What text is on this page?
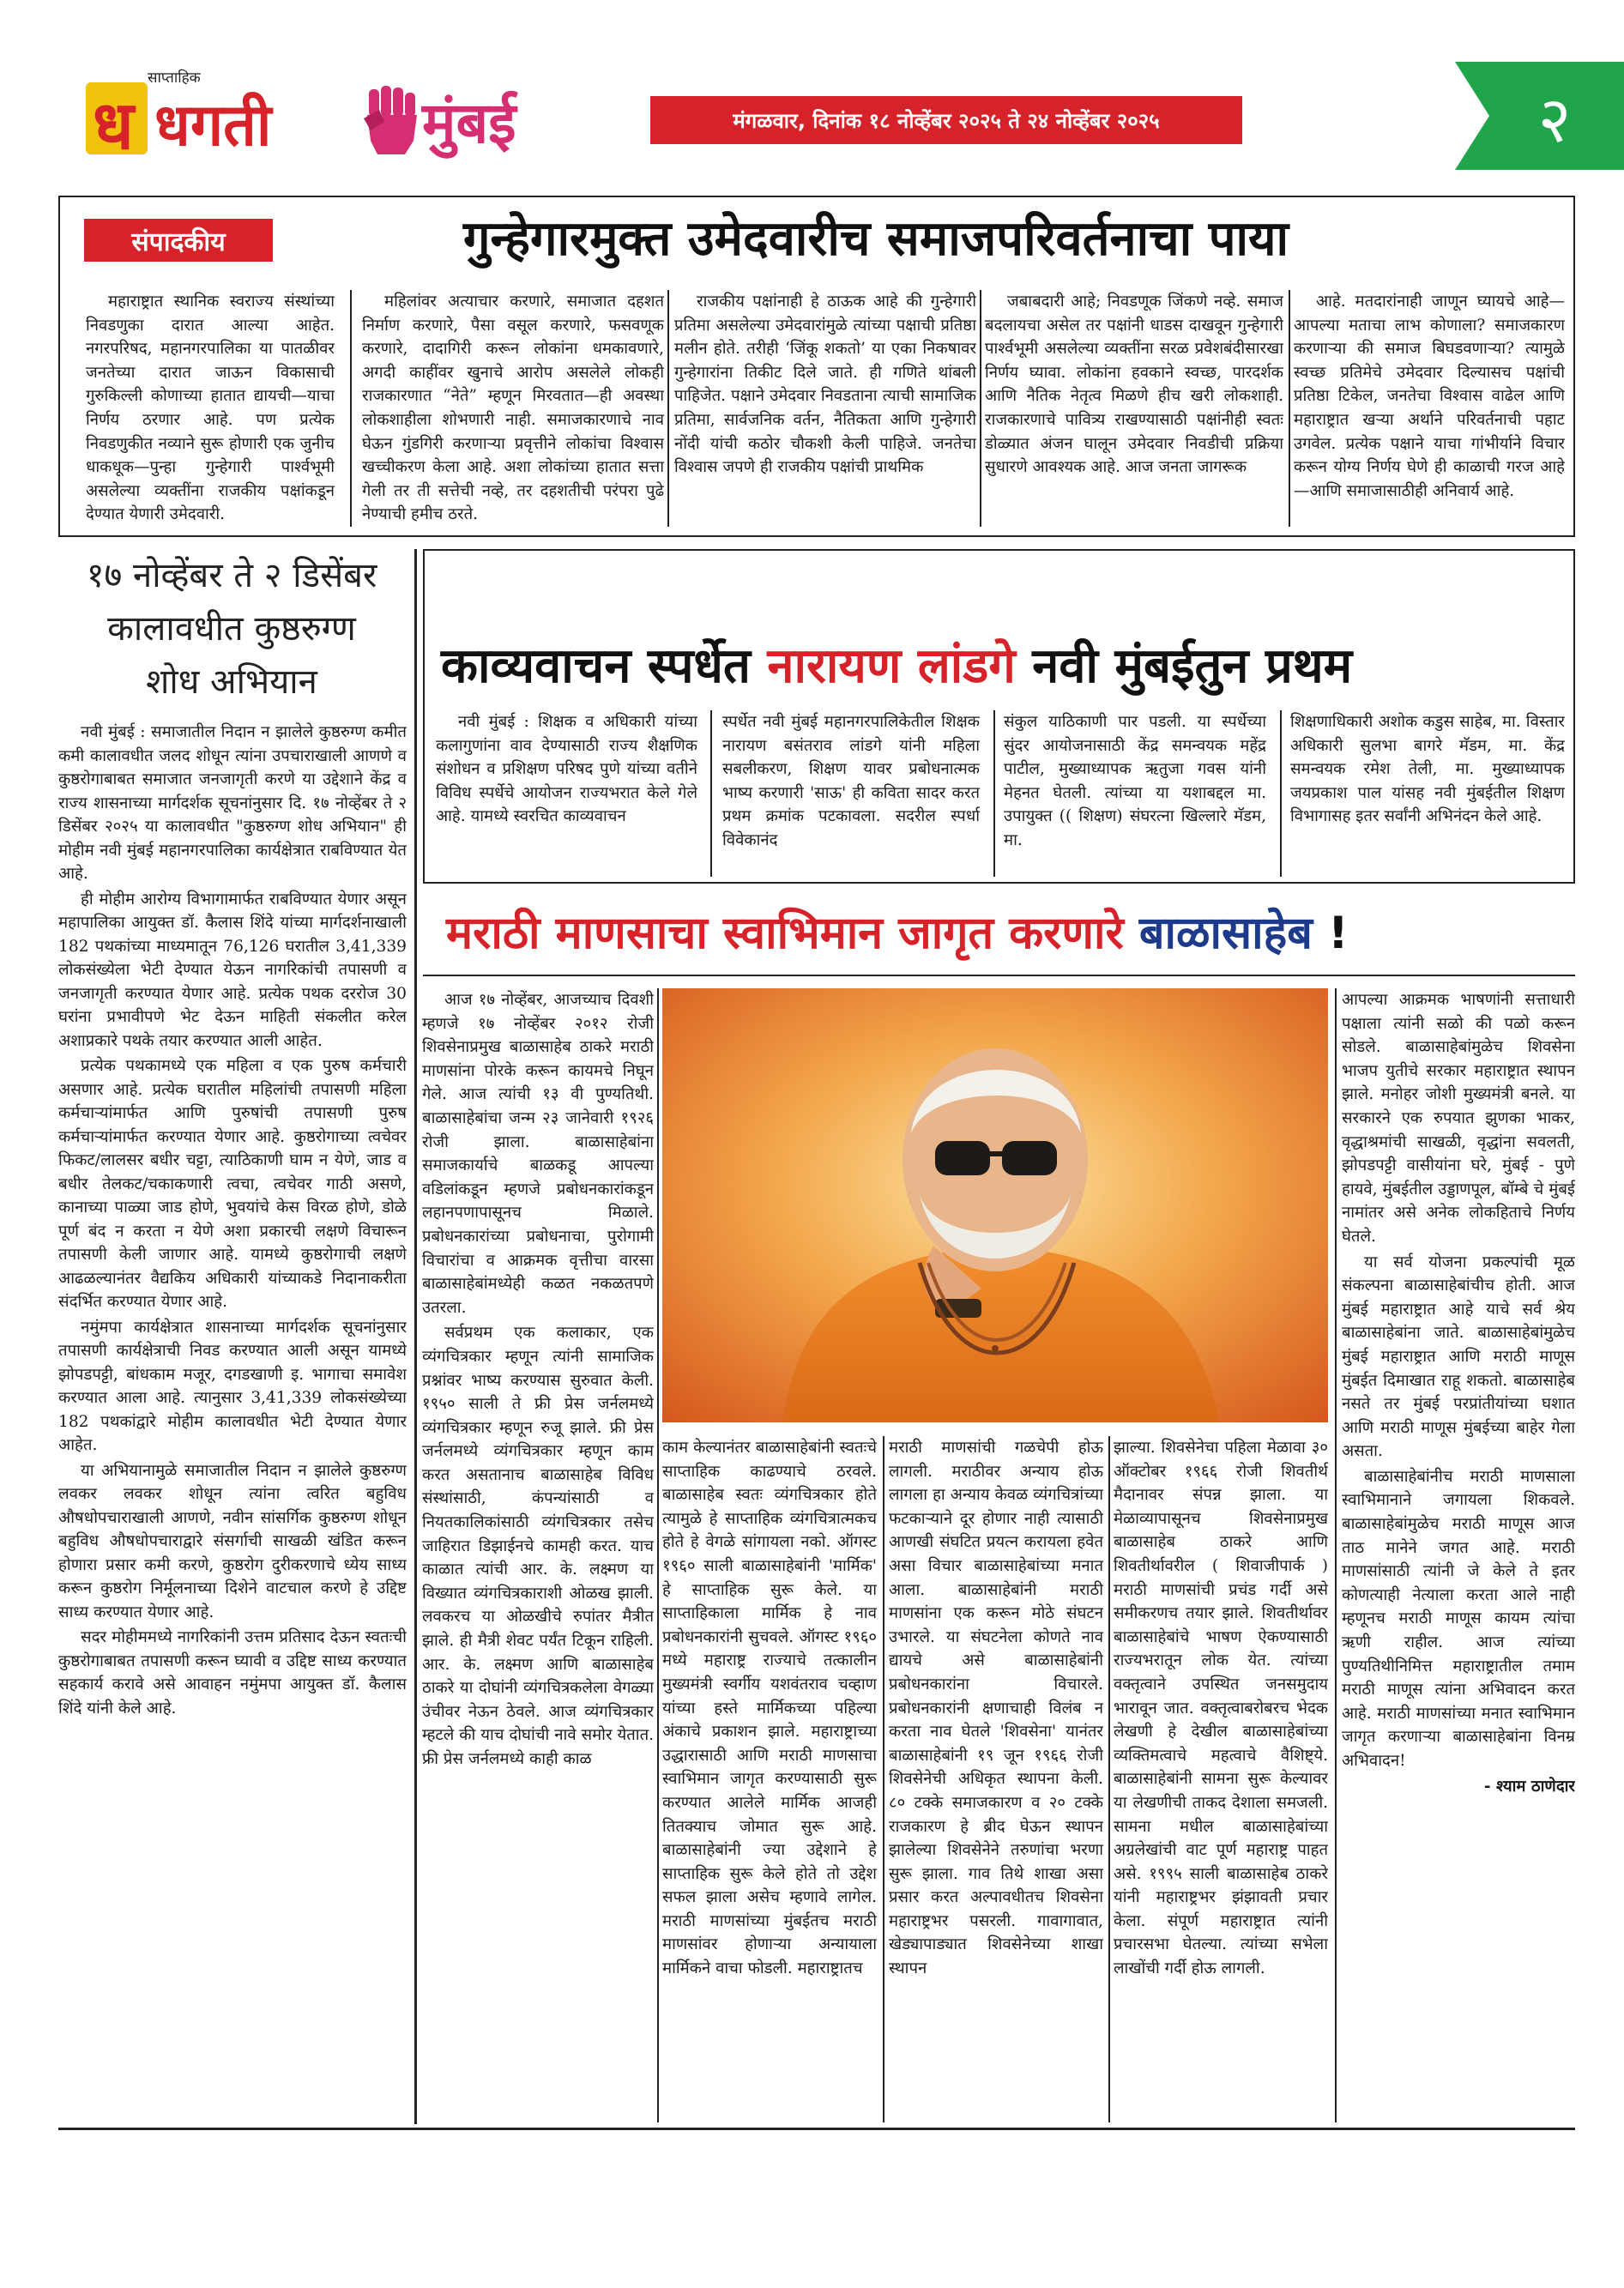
साप्ताहिक
ध धगती	मुंबई	मंगळवार, दिनांक १८ नोव्हेंबर २०२५ ते २४ नोव्हेंबर २०२५	२
संपादकीय	गुन्हेगारमुक्त उमेदवारीच समाजपरिवर्तनाचा पाया

महाराष्ट्रात स्थानिक स्वराज्य संस्थांच्या निवडणुका दारात आल्या आहेत. नगरपरिषद, महानगरपालिका या पातळीवर जनतेच्या दारात जाऊन विकासाची गुरुकिल्ली कोणाच्या हातात द्यायची—याचा निर्णय ठरणार आहे. पण प्रत्येक निवडणुकीत नव्याने सुरू होणारी एक जुनीच धाकधूक—पुन्हा गुन्हेगारी पार्श्वभूमी असलेल्या व्यक्तींना राजकीय पक्षांकडून देण्यात येणारी उमेदवारी.

महिलांवर अत्याचार करणारे, समाजात दहशत निर्माण करणारे, पैसा वसूल करणारे, फसवणूक करणारे, दादागिरी करून लोकांना धमकावणारे, अगदी काहींवर खुनाचे आरोप असलेले लोकही राजकारणात “नेते” म्हणून मिरवतात—ही अवस्था लोकशाहीला शोभणारी नाही. समाजकारणाचे नाव घेऊन गुंडगिरी करणाऱ्या प्रवृत्तीने लोकांचा विश्वास खच्चीकरण केला आहे. अशा लोकांच्या हातात सत्ता गेली तर ती सत्तेची नव्हे, तर दहशतीची परंपरा पुढे नेण्याची हमीच ठरते.

राजकीय पक्षांनाही हे ठाऊक आहे की गुन्हेगारी प्रतिमा असलेल्या उमेदवारांमुळे त्यांच्या पक्षाची प्रतिष्ठा मलीन होते. तरीही ‘जिंकू शकतो’ या एका निकषावर गुन्हेगारांना तिकीट दिले जाते. ही गणिते थांबली पाहिजेत. पक्षाने उमेदवार निवडताना त्याची सामाजिक प्रतिमा, सार्वजनिक वर्तन, नैतिकता आणि गुन्हेगारी नोंदी यांची कठोर चौकशी केली पाहिजे. जनतेचा विश्वास जपणे ही राजकीय पक्षांची प्राथमिक

जबाबदारी आहे; निवडणूक जिंकणे नव्हे. समाज बदलायचा असेल तर पक्षांनी धाडस दाखवून गुन्हेगारी पार्श्वभूमी असलेल्या व्यक्तींना सरळ प्रवेशबंदीसारखा निर्णय घ्यावा. लोकांना हवकाने स्वच्छ, पारदर्शक आणि नैतिक नेतृत्व मिळणे हीच खरी लोकशाही. राजकारणाचे पावित्र्य राखण्यासाठी पक्षांनीही स्वतः डोळ्यात अंजन घालून उमेदवार निवडीची प्रक्रिया सुधारणे आवश्यक आहे. आज जनता जागरूक

आहे. मतदारांनाही जाणून घ्यायचे आहे—आपल्या मताचा लाभ कोणाला? समाजकारण करणाऱ्या की समाज बिघडवणाऱ्या? त्यामुळे स्वच्छ प्रतिमेचे उमेदवार दिल्यासच पक्षांची प्रतिष्ठा टिकेल, जनतेचा विश्वास वाढेल आणि महाराष्ट्रात खऱ्या अर्थाने परिवर्तनाची पहाट उगवेल. प्रत्येक पक्षाने याचा गांभीर्याने विचार करून योग्य निर्णय घेणे ही काळाची गरज आहे—आणि समाजासाठीही अनिवार्य आहे.

१७ नोव्हेंबर ते २ डिसेंबर
कालावधीत कुष्ठरुग्ण
शोध अभियान

नवी मुंबई : समाजातील निदान न झालेले कुष्ठरुग्ण कमीत कमी कालावधीत जलद शोधून त्यांना उपचाराखाली आणणे व कुष्ठरोगाबाबत समाजात जनजागृती करणे या उद्देशाने केंद्र व राज्य शासनाच्या मार्गदर्शक सूचनांनुसार दि. १७ नोव्हेंबर ते २ डिसेंबर २०२५ या कालावधीत "कुष्ठरुग्ण शोध अभियान" ही मोहीम नवी मुंबई महानगरपालिका कार्यक्षेत्रात राबविण्यात येत आहे.

ही मोहीम आरोग्य विभागामार्फत राबविण्यात येणार असून महापालिका आयुक्त डॉ. कैलास शिंदे यांच्या मार्गदर्शनाखाली 182 पथकांच्या माध्यमातून 76,126 घरातील 3,41,339 लोकसंख्येला भेटी देण्यात येऊन नागरिकांची तपासणी व जनजागृती करण्यात येणार आहे. प्रत्येक पथक दररोज 30 घरांना प्रभावीपणे भेट देऊन माहिती संकलीत करेल अशाप्रकारे पथके तयार करण्यात आली आहेत.

प्रत्येक पथकामध्ये एक महिला व एक पुरुष कर्मचारी असणार आहे. प्रत्येक घरातील महिलांची तपासणी महिला कर्मचाऱ्यांमार्फत आणि पुरुषांची तपासणी पुरुष कर्मचाऱ्यांमार्फत करण्यात येणार आहे. कुष्ठरोगाच्या त्वचेवर फिकट/लालसर बधीर चट्टा, त्याठिकाणी घाम न येणे, जाड व बधीर तेलकट/चकाकणारी त्वचा, त्वचेवर गाठी असणे, कानाच्या पाळ्या जाड होणे, भुवयांचे केस विरळ होणे, डोळे पूर्ण बंद न करता न येणे अशा प्रकारची लक्षणे विचारून तपासणी केली जाणार आहे. यामध्ये कुष्ठरोगाची लक्षणे आढळल्यानंतर वैद्यकिय अधिकारी यांच्याकडे निदानाकरीता संदर्भित करण्यात येणार आहे.

नमुंमपा कार्यक्षेत्रात शासनाच्या मार्गदर्शक सूचनांनुसार तपासणी कार्यक्षेत्राची निवड करण्यात आली असून यामध्ये झोपडपट्टी, बांधकाम मजूर, दगडखाणी इ. भागाचा समावेश करण्यात आला आहे. त्यानुसार 3,41,339 लोकसंख्येच्या 182 पथकांद्वारे मोहीम कालावधीत भेटी देण्यात येणार आहेत.

या अभियानामुळे समाजातील निदान न झालेले कुष्ठरुग्ण लवकर लवकर शोधून त्यांना त्वरित बहुविध औषधोपचाराखाली आणणे, नवीन सांसर्गिक कुष्ठरुग्ण शोधून बहुविध औषधोपचाराद्वारे संसर्गाची साखळी खंडित करून होणारा प्रसार कमी करणे, कुष्ठरोग दुरीकरणाचे ध्येय साध्य करून कुष्ठरोग निर्मूलनाच्या दिशेने वाटचाल करणे हे उद्दिष्ट साध्य करण्यात येणार आहे.

सदर मोहीममध्ये नागरिकांनी उत्तम प्रतिसाद देऊन स्वतःची कुष्ठरोगाबाबत तपासणी करून घ्यावी व उद्दिष्ट साध्य करण्यात सहकार्य करावे असे आवाहन नमुंमपा आयुक्त डॉ. कैलास शिंदे यांनी केले आहे.

काव्यवाचन स्पर्धेत नारायण लांडगे नवी मुंबईतुन प्रथम

नवी मुंबई : शिक्षक व अधिकारी यांच्या कलागुणांना वाव देण्यासाठी राज्य शैक्षणिक संशोधन व प्रशिक्षण परिषद पुणे यांच्या वतीने विविध स्पर्धेचे आयोजन राज्यभरात केले गेले आहे. यामध्ये स्वरचित काव्यवाचन

स्पर्धेत नवी मुंबई महानगरपालिकेतील शिक्षक नारायण बसंतराव लांडगे यांनी महिला सबलीकरण, शिक्षण यावर प्रबोधनात्मक भाष्य करणारी 'साऊ' ही कविता सादर करत प्रथम क्रमांक पटकावला. सदरील स्पर्धा विवेकानंद

संकुल याठिकाणी पार पडली. या स्पर्धेच्या सुंदर आयोजनासाठी केंद्र समन्वयक महेंद्र पाटील, मुख्याध्यापक ऋतुजा गवस यांनी मेहनत घेतली. त्यांच्या या यशाबद्दल मा. उपायुक्त (( शिक्षण) संघरत्ना खिल्लारे मॅडम, मा.

शिक्षणाधिकारी अशोक कडुस साहेब, मा. विस्तार अधिकारी सुलभा बागरे मॅडम, मा. केंद्र समन्वयक रमेश तेली, मा. मुख्याध्यापक जयप्रकाश पाल यांसह नवी मुंबईतील शिक्षण विभागासह इतर सर्वांनी अभिनंदन केले आहे.

मराठी माणसाचा स्वाभिमान जागृत करणारे बाळासाहेब !

आज १७ नोव्हेंबर, आजच्याच दिवशी म्हणजे १७ नोव्हेंबर २०१२ रोजी शिवसेनाप्रमुख बाळासाहेब ठाकरे मराठी माणसांना पोरके करून कायमचे निघून गेले. आज त्यांची १३ वी पुण्यतिथी. बाळासाहेबांचा जन्म २३ जानेवारी १९२६ रोजी झाला. बाळासाहेबांना समाजकार्याचे बाळकडू आपल्या वडिलांकडून म्हणजे प्रबोधनकारांकडून लहानपणापासूनच मिळाले. प्रबोधनकारांच्या प्रबोधनाचा, पुरोगामी विचारांचा व आक्रमक वृत्तीचा वारसा बाळासाहेबांमध्येही कळत नकळतपणे उतरला.

सर्वप्रथम एक कलाकार, एक व्यंगचित्रकार म्हणून त्यांनी सामाजिक प्रश्नांवर भाष्य करण्यास सुरुवात केली. १९५० साली ते फ्री प्रेस जर्नलमध्ये व्यंगचित्रकार म्हणून रुजू झाले. फ्री प्रेस जर्नलमध्ये व्यंगचित्रकार म्हणून काम करत असतानाच बाळासाहेब विविध संस्थांसाठी, कंपन्यांसाठी व नियतकालिकांसाठी व्यंगचित्रकार तसेच जाहिरात डिझाईनचे कामही करत. याच काळात त्यांची आर. के. लक्ष्मण या विख्यात व्यंगचित्रकाराशी ओळख झाली. लवकरच या ओळखीचे रुपांतर मैत्रीत झाले. ही मैत्री शेवट पर्यंत टिकून राहिली. आर. के. लक्ष्मण आणि बाळासाहेब ठाकरे या दोघांनी व्यंगचित्रकलेला वेगळ्या उंचीवर नेऊन ठेवले. आज व्यंगचित्रकार म्हटले की याच दोघांची नावे समोर येतात. फ्री प्रेस जर्नलमध्ये काही काळ

काम केल्यानंतर बाळासाहेबांनी स्वतःचे साप्ताहिक काढण्याचे ठरवले. बाळासाहेब स्वतः व्यंगचित्रकार होते त्यामुळे हे साप्ताहिक व्यंगचित्रात्मकच होते हे वेगळे सांगायला नको. ऑगस्ट १९६० साली बाळासाहेबांनी 'मार्मिक' हे साप्ताहिक सुरू केले. या साप्ताहिकाला मार्मिक हे नाव प्रबोधनकारांनी सुचवले. ऑगस्ट १९६० मध्ये महाराष्ट्र राज्याचे तत्कालीन मुख्यमंत्री स्वर्गीय यशवंतराव चव्हाण यांच्या हस्ते मार्मिकच्या पहिल्या अंकाचे प्रकाशन झाले. महाराष्ट्राच्या उद्धारासाठी आणि मराठी माणसाचा स्वाभिमान जागृत करण्यासाठी सुरू करण्यात आलेले मार्मिक आजही तितक्याच जोमात सुरू आहे. बाळासाहेबांनी ज्या उद्देशाने हे साप्ताहिक सुरू केले होते तो उद्देश सफल झाला असेच म्हणावे लागेल. मराठी माणसांच्या मुंबईतच मराठी माणसांवर होणाऱ्या अन्यायाला मार्मिकने वाचा फोडली. महाराष्ट्रातच

मराठी माणसांची गळचेपी होऊ लागली. मराठीवर अन्याय होऊ लागला हा अन्याय केवळ व्यंगचित्रांच्या फटकाऱ्याने दूर होणार नाही त्यासाठी आणखी संघटित प्रयत्न करायला हवेत असा विचार बाळासाहेबांच्या मनात आला. बाळासाहेबांनी मराठी माणसांना एक करून मोठे संघटन उभारले. या संघटनेला कोणते नाव द्यायचे असे बाळासाहेबांनी प्रबोधनकारांना विचारले. प्रबोधनकारांनी क्षणाचाही विलंब न करता नाव घेतले 'शिवसेना' यानंतर बाळासाहेबांनी १९ जून १९६६ रोजी शिवसेनेची अधिकृत स्थापना केली. ८० टक्के समाजकारण व २० टक्के राजकारण हे ब्रीद घेऊन स्थापन झालेल्या शिवसेनेने तरुणांचा भरणा सुरू झाला. गाव तिथे शाखा असा प्रसार करत अल्पावधीतच शिवसेना महाराष्ट्रभर पसरली. गावागावात, खेड्यापाड्यात शिवसेनेच्या शाखा स्थापन

झाल्या. शिवसेनेचा पहिला मेळावा ३० ऑक्टोबर १९६६ रोजी शिवतीर्थ मैदानावर संपन्न झाला. या मेळाव्यापासूनच शिवसेनाप्रमुख बाळासाहेब ठाकरे आणि शिवतीर्थावरील ( शिवाजीपार्क ) मराठी माणसांची प्रचंड गर्दी असे समीकरणच तयार झाले. शिवतीर्थावर बाळासाहेबांचे भाषण ऐकण्यासाठी राज्यभरातून लोक येत. त्यांच्या वक्तृत्वाने उपस्थित जनसमुदाय भारावून जात. वक्तृत्वाबरोबरच भेदक लेखणी हे देखील बाळासाहेबांच्या व्यक्तिमत्वाचे महत्वाचे वैशिष्ट्ये. बाळासाहेबांनी सामना सुरू केल्यावर या लेखणीची ताकद देशाला समजली. सामना मधील बाळासाहेबांच्या अग्रलेखांची वाट पूर्ण महाराष्ट्र पाहत असे. १९९५ साली बाळासाहेब ठाकरे यांनी महाराष्ट्रभर झंझावती प्रचार केला. संपूर्ण महाराष्ट्रात त्यांनी प्रचारसभा घेतल्या. त्यांच्या सभेला लाखोंची गर्दी होऊ लागली.

आपल्या आक्रमक भाषणांनी सत्ताधारी पक्षाला त्यांनी सळो की पळो करून सोडले. बाळासाहेबांमुळेच शिवसेना भाजप युतीचे सरकार महाराष्ट्रात स्थापन झाले. मनोहर जोशी मुख्यमंत्री बनले. या सरकारने एक रुपयात झुणका भाकर, वृद्धाश्रमांची साखळी, वृद्धांना सवलती, झोपडपट्टी वासीयांना घरे, मुंबई - पुणे हायवे, मुंबईतील उड्डाणपूल, बॉम्बे चे मुंबई नामांतर असे अनेक लोकहिताचे निर्णय घेतले.

या सर्व योजना प्रकल्पांची मूळ संकल्पना बाळासाहेबांचीच होती. आज मुंबई महाराष्ट्रात आहे याचे सर्व श्रेय बाळासाहेबांना जाते. बाळासाहेबांमुळेच मुंबई महाराष्ट्रात आणि मराठी माणूस मुंबईत दिमाखात राहू शकतो. बाळासाहेब नसते तर मुंबई परप्रांतीयांच्या घशात आणि मराठी माणूस मुंबईच्या बाहेर गेला असता.

बाळासाहेबांनीच मराठी माणसाला स्वाभिमानाने जगायला शिकवले. बाळासाहेबांमुळेच मराठी माणूस आज ताठ मानेने जगत आहे. मराठी माणसांसाठी त्यांनी जे केले ते इतर कोणत्याही नेत्याला करता आले नाही म्हणूनच मराठी माणूस कायम त्यांचा ऋणी राहील. आज त्यांच्या पुण्यतिथीनिमित्त महाराष्ट्रातील तमाम मराठी माणूस त्यांना अभिवादन करत आहे. मराठी माणसांच्या मनात स्वाभिमान जागृत करणाऱ्या बाळासाहेबांना विनम्र अभिवादन!

- श्याम ठाणेदार
